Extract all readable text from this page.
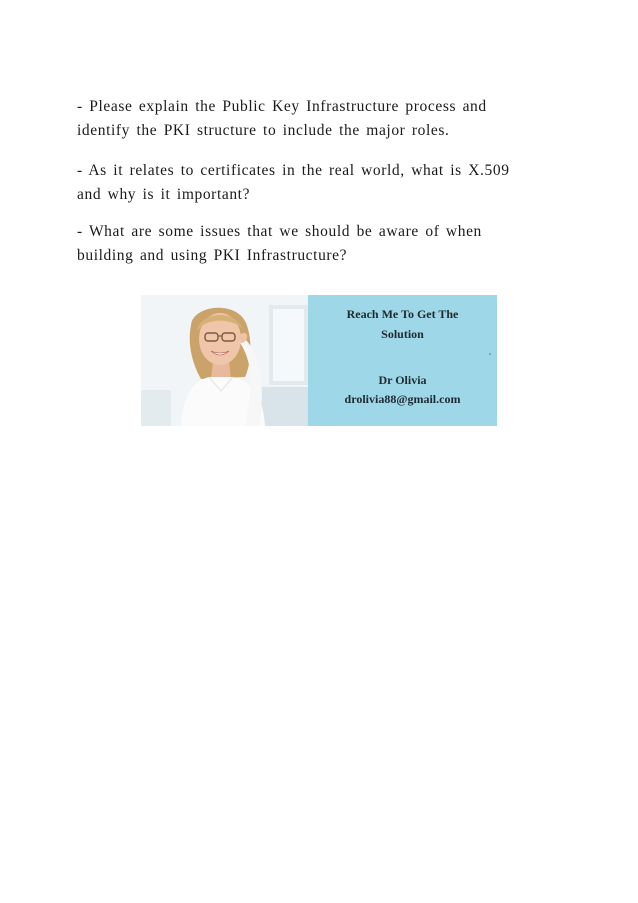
- Please explain the Public Key Infrastructure process and
identify the PKI structure to include the major roles.

- As it relates to certificates in the real world, what is X.509
and why is it important?

- What are some issues that we should be aware of when
building and using PKI Infrastructure?

Reach Me To Get The
Solution
Dr Olivia
drolivia88@gmail.com
